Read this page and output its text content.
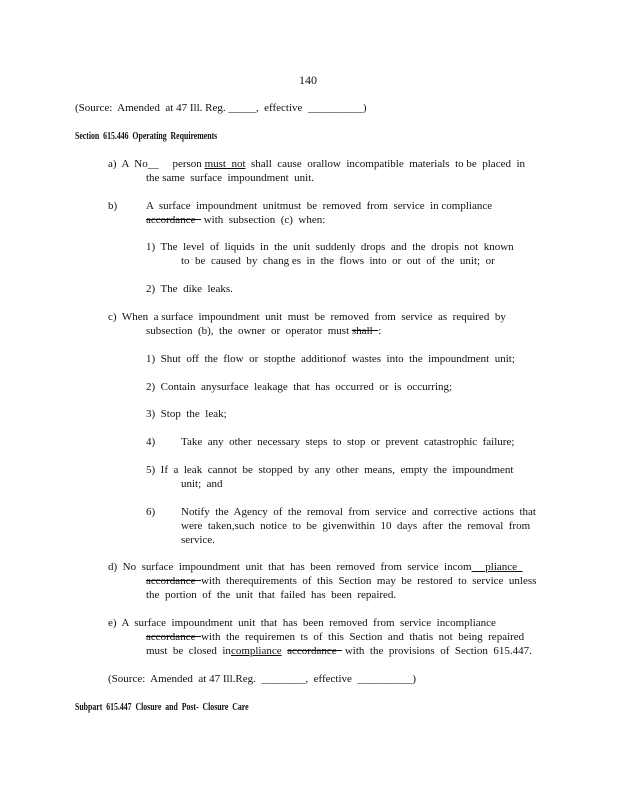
140
(Source:  Amended  at 47 Ill. Reg. _____,  effective __________)
Section  615.446  Operating  Requirements
a)  A  No__     person must  not  shall  cause  orallow  incompatible  materials  to be  placed  in
the same  surface  impoundment  unit.
b)	A  surface  impoundment  unitmust  be  removed  from  service  in compliance
accordance   with  subsection  (c)  when:
1)  The  level  of  liquids  in  the  unit  suddenly  drops  and  the  dropis  not  known
to  be  caused  by  chang es  in  the  flows  into  or  out  of  the  unit;  or
2)  The  dike  leaks.
c)  When  a surface  impoundment  unit  must  be  removed  from  service  as  required  by
subsection  (b),  the  owner  or  operator  must shall  :
1)  Shut  off  the  flow  or  stopthe  additionof  wastes  into  the  impoundment  unit;
2)  Contain  anysurface  leakage  that  has  occurred  or  is  occurring;
3)  Stop  the  leak;
4) Take  any  other  necessary  steps  to  stop  or  prevent  catastrophic  failure;
5)  If  a  leak  cannot  be  stopped  by  any  other  means,  empty  the  impoundment
unit;  and
6) Notify  the  Agency  of  the  removal  from  service  and  corrective  actions  that
were  taken,such  notice  to  be  givenwithin  10  days  after  the  removal  from
service.
d)  No  surface  impoundment  unit  that  has  been  removed  from  service  incom     pliance
accordance  with  therequirements  of  this  Section  may  be  restored  to  service  unless
the  portion  of  the  unit  that  failed  has  been  repaired.
e)  A  surface  impoundment  unit  that  has  been  removed  from  service  incompliance
accordance  with  the  requiremen  ts  of  this  Section  and  thatis  not  being  repaired
must  be  closed  incompliance accordance   with  the  provisions  of  Section  615.447.
(Source:  Amended  at 47 Ill.Reg. ________,  effective __________)
Subpart  615.447  Closure  and  Post-  Closure  Care
